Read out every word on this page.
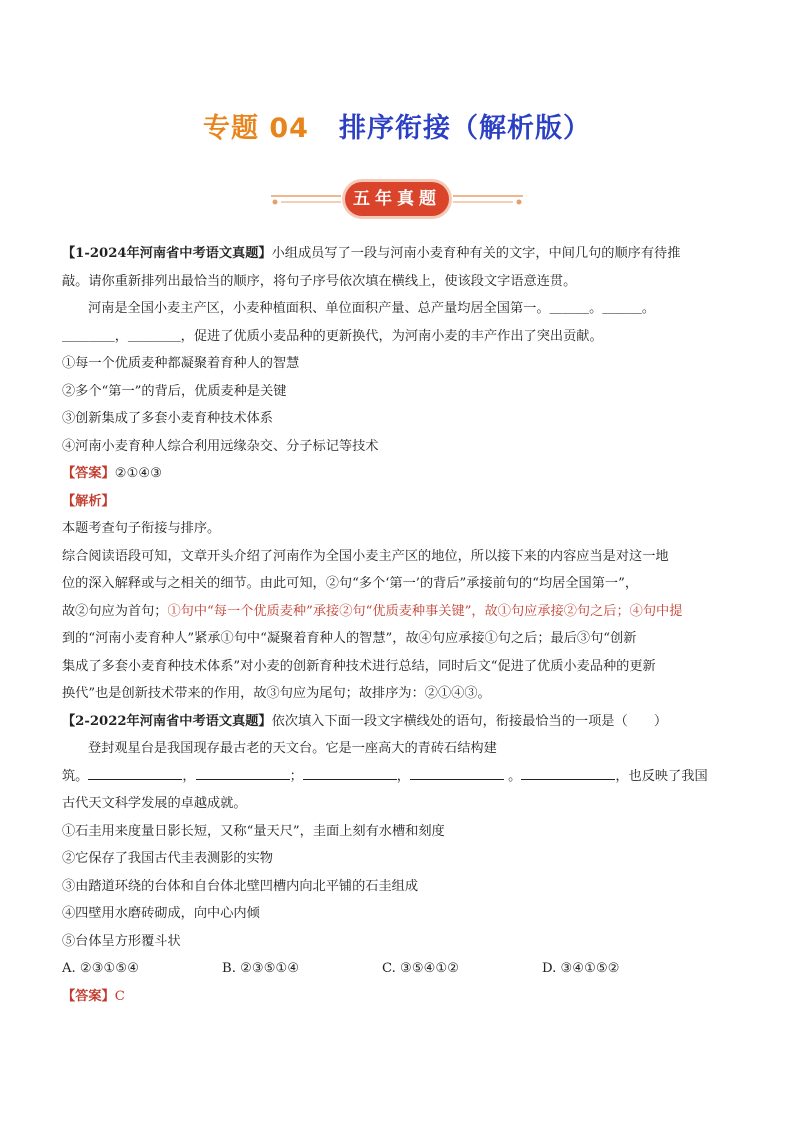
专题 04 排序衔接（解析版）
五年真题
【1-2024年河南省中考语文真题】小组成员写了一段与河南小麦育种有关的文字，中间几句的顺序有待推
敲。请你重新排列出最恰当的顺序，将句子序号依次填在横线上，使该段文字语意连贯。
河南是全国小麦主产区，小麦种植面积、单位面积产量、总产量均居全国第一。＿＿＿。＿＿＿。
＿＿＿＿，＿＿＿＿，促进了优质小麦品种的更新换代，为河南小麦的丰产作出了突出贡献。
①每一个优质麦种都凝聚着育种人的智慧
②多个“第一”的背后，优质麦种是关键
③创新集成了多套小麦育种技术体系
④河南小麦育种人综合利用远缘杂交、分子标记等技术
【答案】②①④③
【解析】
本题考查句子衔接与排序。
综合阅读语段可知，文章开头介绍了河南作为全国小麦主产区的地位，所以接下来的内容应当是对这一地
位的深入解释或与之相关的细节。由此可知，②句“多个‘第一’的背后”承接前句的“均居全国第一”，
故②句应为首句；①句中“每一个优质麦种”承接②句“优质麦种事关键”，故①句应承接②句之后；④句中提
到的“河南小麦育种人”紧承①句中“凝聚着育种人的智慧”，故④句应承接①句之后；最后③句“创新
集成了多套小麦育种技术体系”对小麦的创新育种技术进行总结，同时后文“促进了优质小麦品种的更新
换代”也是创新技术带来的作用，故③句应为尾句；故排序为：②①④③。
【2-2022年河南省中考语文真题】依次填入下面一段文字横线处的语句，衔接最恰当的一项是（　　）
登封观星台是我国现存最古老的天文台。它是一座高大的青砖石结构建
筑。	，	；	，	。	，也反映了我国
古代天文科学发展的卓越成就。
①石圭用来度量日影长短，又称“量天尺”，圭面上刻有水槽和刻度
②它保存了我国古代圭表测影的实物
③由踏道环绕的台体和自台体北壁凹槽内向北平铺的石圭组成
④四壁用水磨砖砌成，向中心内倾
⑤台体呈方形覆斗状
A. ②③①⑤④	B. ②③⑤①④	C. ③⑤④①②	D. ③④①⑤②
【答案】C
